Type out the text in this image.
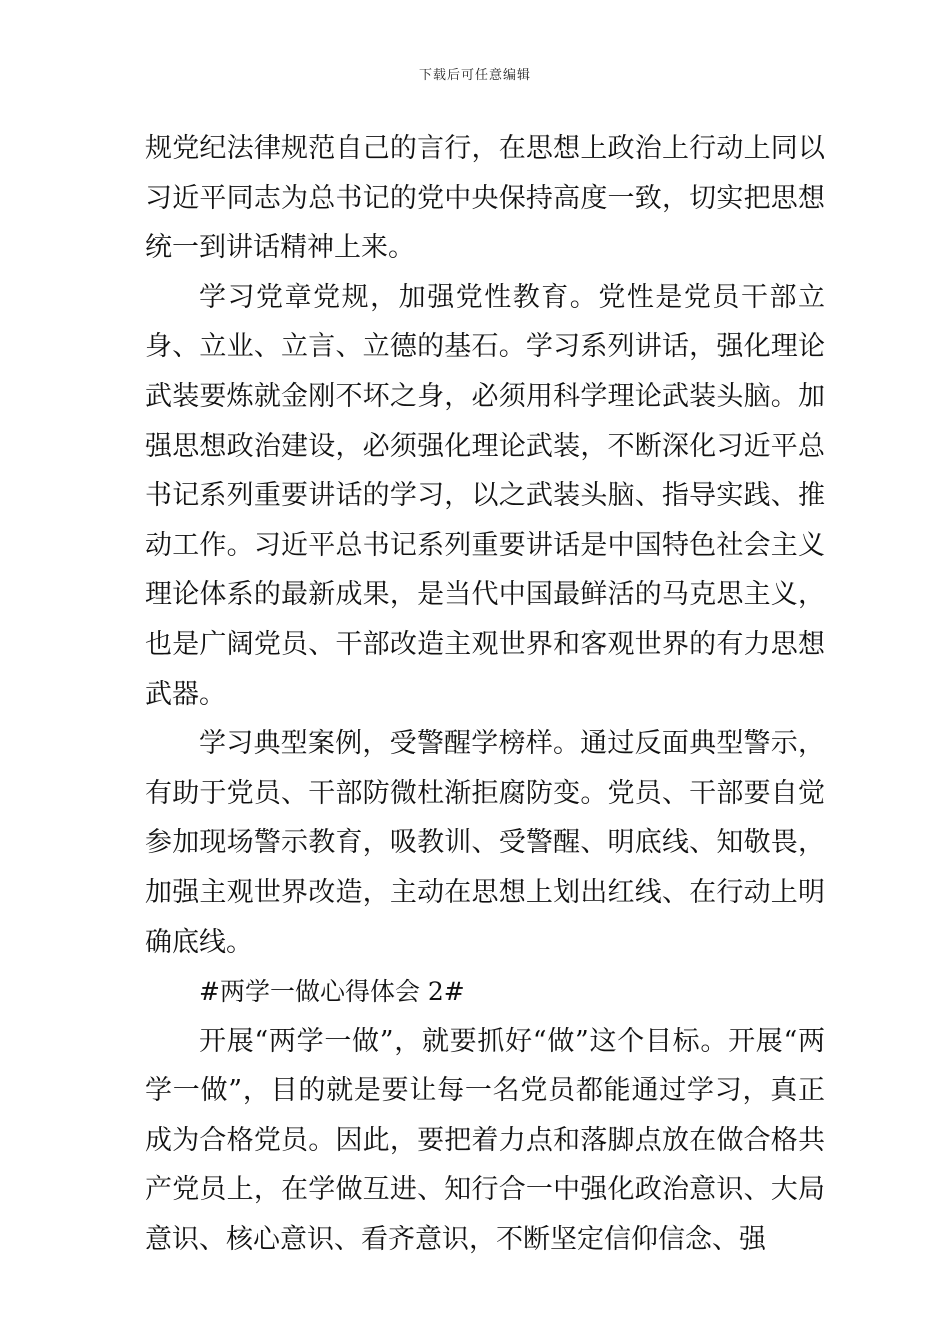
下载后可任意编辑

规党纪法律规范自己的言行，在思想上政治上行动上同以习近平同志为总书记的党中央保持高度一致，切实把思想统一到讲话精神上来。

学习党章党规，加强党性教育。党性是党员干部立身、立业、立言、立德的基石。学习系列讲话，强化理论武装要炼就金刚不坏之身，必须用科学理论武装头脑。加强思想政治建设，必须强化理论武装，不断深化习近平总书记系列重要讲话的学习，以之武装头脑、指导实践、推动工作。习近平总书记系列重要讲话是中国特色社会主义理论体系的最新成果，是当代中国最鲜活的马克思主义，也是广阔党员、干部改造主观世界和客观世界的有力思想武器。

学习典型案例，受警醒学榜样。通过反面典型警示，有助于党员、干部防微杜渐拒腐防变。党员、干部要自觉参加现场警示教育，吸教训、受警醒、明底线、知敬畏，加强主观世界改造，主动在思想上划出红线、在行动上明确底线。

#两学一做心得体会 2#

开展“两学一做”，就要抓好“做”这个目标。开展“两学一做”，目的就是要让每一名党员都能通过学习，真正成为合格党员。因此，要把着力点和落脚点放在做合格共产党员上，在学做互进、知行合一中强化政治意识、大局意识、核心意识、看齐意识，不断坚定信仰信念、强
